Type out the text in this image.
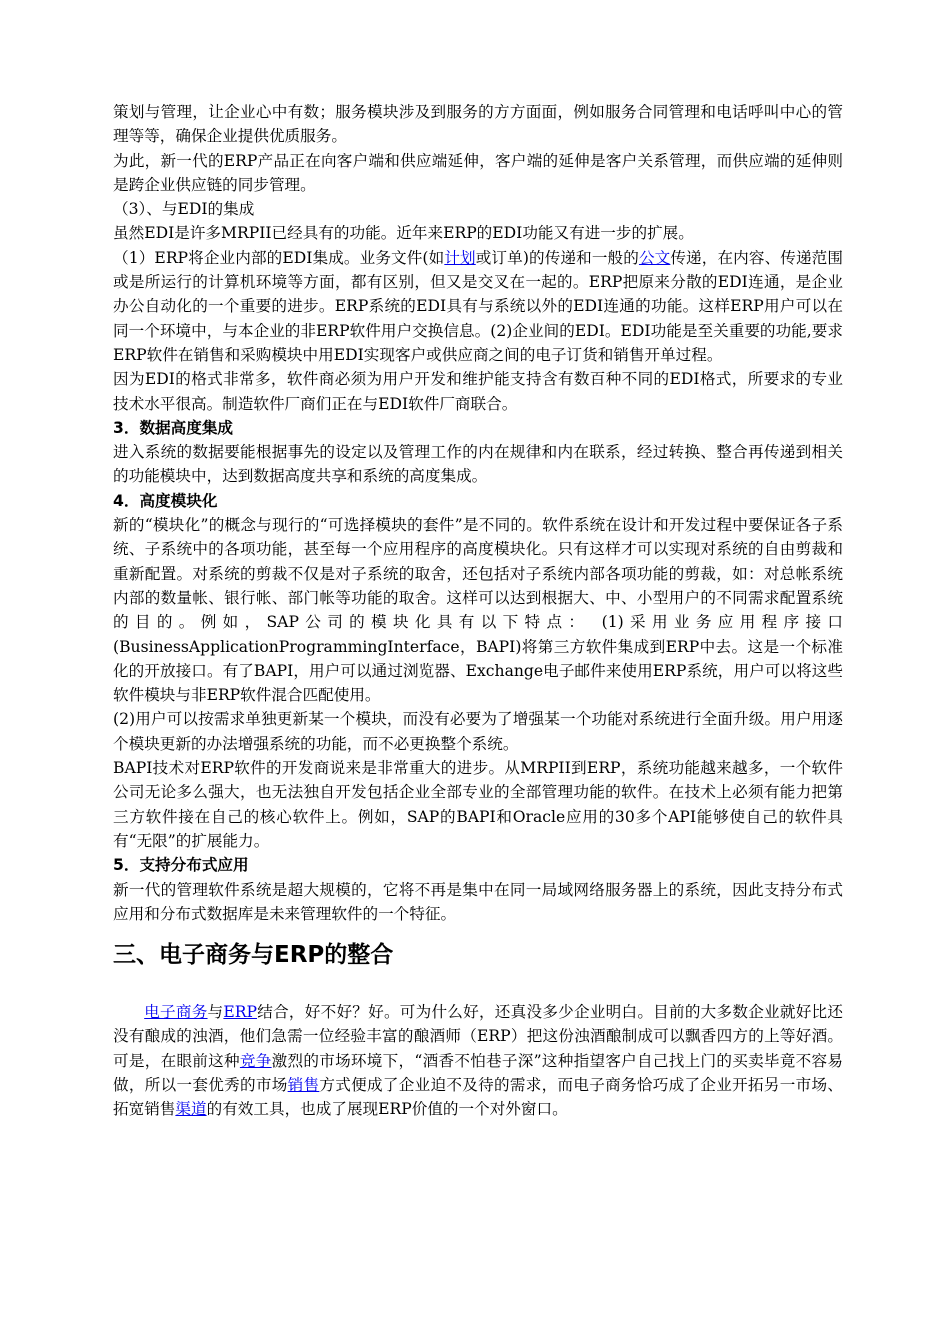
策划与管理，让企业心中有数；服务模块涉及到服务的方方面面，例如服务合同管理和电话呼叫中心的管理等等，确保企业提供优质服务。

为此，新一代的ERP产品正在向客户端和供应端延伸，客户端的延伸是客户关系管理，而供应端的延伸则是跨企业供应链的同步管理。

（3）、与EDI的集成

虽然EDI是许多MRPII已经具有的功能。近年来ERP的EDI功能又有进一步的扩展。

（1）ERP将企业内部的EDI集成。业务文件(如计划或订单)的传递和一般的公文传递，在内容、传递范围或是所运行的计算机环境等方面，都有区别，但又是交叉在一起的。ERP把原来分散的EDI连通，是企业办公自动化的一个重要的进步。ERP系统的EDI具有与系统以外的EDI连通的功能。这样ERP用户可以在同一个环境中，与本企业的非ERP软件用户交换信息。(2)企业间的EDI。EDI功能是至关重要的功能,要求ERP软件在销售和采购模块中用EDI实现客户或供应商之间的电子订货和销售开单过程。

因为EDI的格式非常多，软件商必须为用户开发和维护能支持含有数百种不同的EDI格式，所要求的专业技术水平很高。制造软件厂商们正在与EDI软件厂商联合。

3．数据高度集成

进入系统的数据要能根据事先的设定以及管理工作的内在规律和内在联系，经过转换、整合再传递到相关的功能模块中，达到数据高度共享和系统的高度集成。

4．高度模块化

新的“模块化”的概念与现行的“可选择模块的套件”是不同的。软件系统在设计和开发过程中要保证各子系统、子系统中的各项功能，甚至每一个应用程序的高度模块化。只有这样才可以实现对系统的自由剪裁和重新配置。对系统的剪裁不仅是对子系统的取舍，还包括对子系统内部各项功能的剪裁，如：对总帐系统内部的数量帐、银行帐、部门帐等功能的取舍。这样可以达到根据大、中、小型用户的不同需求配置系统的目的。例如，SAP公司的模块化具有以下特点： (1)采用业务应用程序接口(BusinessApplicationProgrammingInterface，BAPI)将第三方软件集成到ERP中去。这是一个标准化的开放接口。有了BAPI，用户可以通过浏览器、Exchange电子邮件来使用ERP系统，用户可以将这些软件模块与非ERP软件混合匹配使用。

(2)用户可以按需求单独更新某一个模块，而没有必要为了增强某一个功能对系统进行全面升级。用户用逐个模块更新的办法增强系统的功能，而不必更换整个系统。

BAPI技术对ERP软件的开发商说来是非常重大的进步。从MRPII到ERP，系统功能越来越多，一个软件公司无论多么强大，也无法独自开发包括企业全部专业的全部管理功能的软件。在技术上必须有能力把第三方软件接在自己的核心软件上。例如，SAP的BAPI和Oracle应用的30多个API能够使自己的软件具有“无限”的扩展能力。

5．支持分布式应用

新一代的管理软件系统是超大规模的，它将不再是集中在同一局域网络服务器上的系统，因此支持分布式应用和分布式数据库是未来管理软件的一个特征。

三、电子商务与ERP的整合

电子商务与ERP结合，好不好？好。可为什么好，还真没多少企业明白。目前的大多数企业就好比还没有酿成的浊酒，他们急需一位经验丰富的酿酒师（ERP）把这份浊酒酿制成可以飘香四方的上等好酒。可是，在眼前这种竞争激烈的市场环境下，“酒香不怕巷子深”这种指望客户自己找上门的买卖毕竟不容易做，所以一套优秀的市场销售方式便成了企业迫不及待的需求，而电子商务恰巧成了企业开拓另一市场、拓宽销售渠道的有效工具，也成了展现ERP价值的一个对外窗口。
